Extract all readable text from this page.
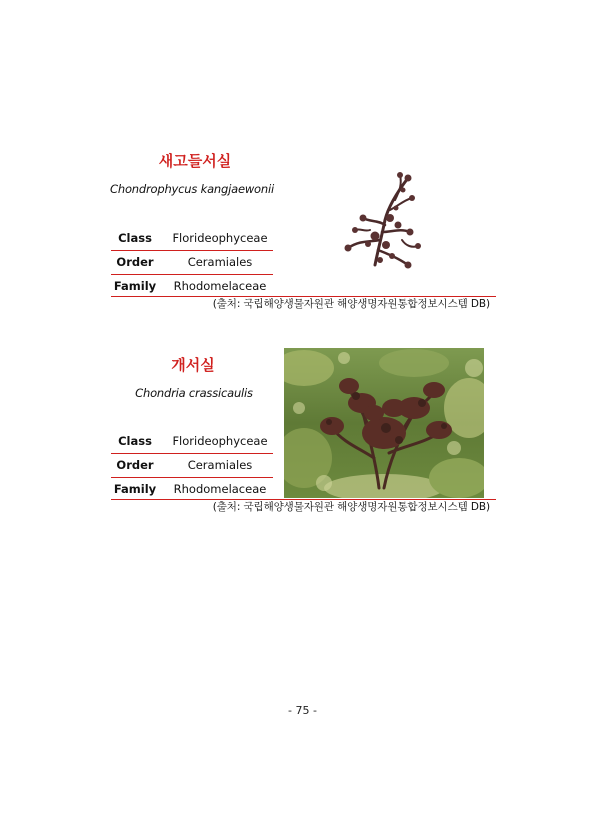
새고들서실
Chondrophycus kangjaewonii
Class	Florideophyceae
Order	Ceramiales
Family	Rhodomelaceae
(출처: 국립해양생물자원관 해양생명자원통합정보시스템 DB)
개서실
Chondria crassicaulis
Class	Florideophyceae
Order	Ceramiales
Family	Rhodomelaceae
(출처: 국립해양생물자원관 해양생명자원통합정보시스템 DB)
- 75 -
